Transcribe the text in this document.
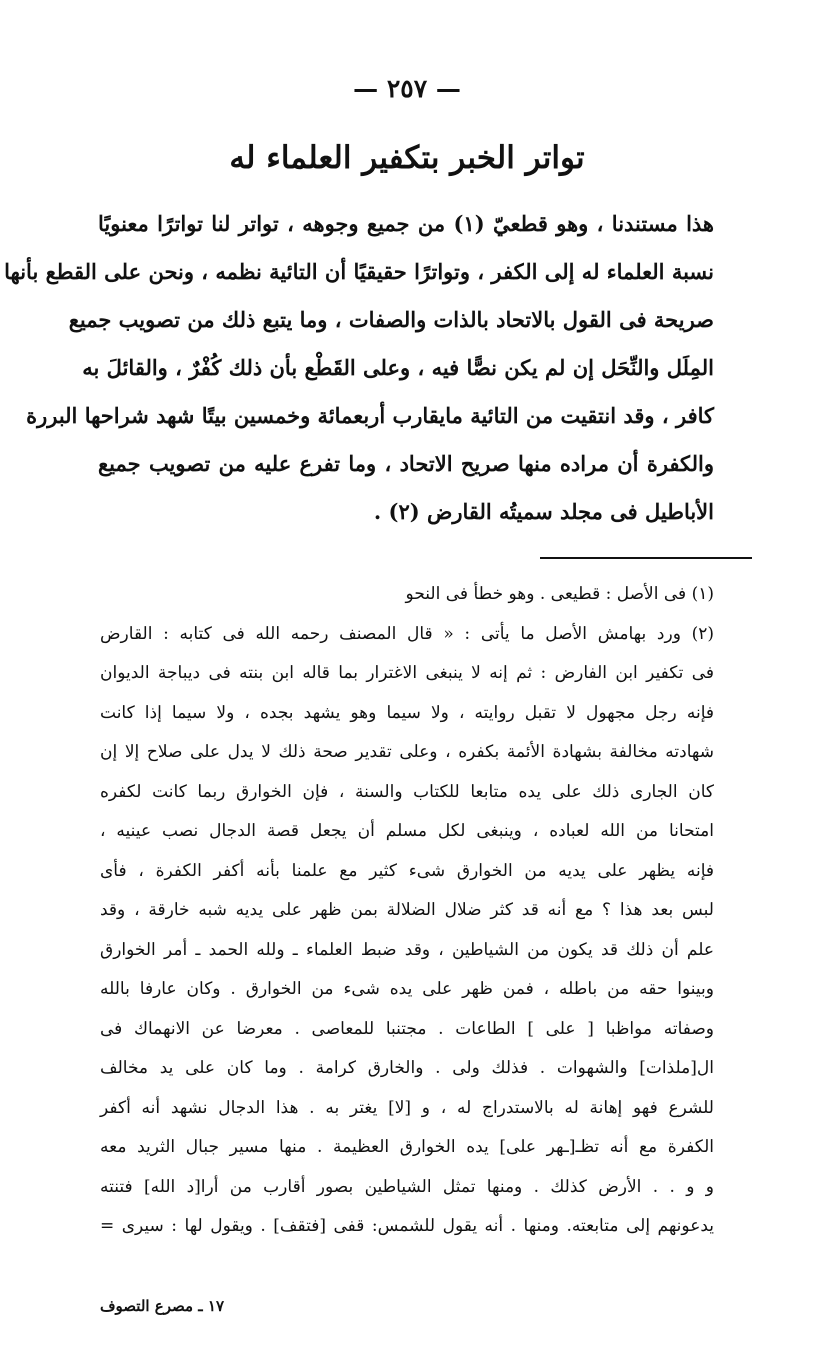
— ٢٥٧ —
تواتر الخبر بتكفير العلماء له
هذا مستندنا ، وهو قطعيّ (١) من جميع وجوهه ، تواتر لنا تواترًا معنويًا
نسبة العلماء له إلى الكفر ، وتواترًا حقيقيًا أن التائية نظمه ، ونحن على القطع بأنها
صريحة فى القول بالاتحاد بالذات والصفات ، وما يتبع ذلك من تصويب جميع
المِلَل والنِّحَل إن لم يكن نصًّا فيه ، وعلى القَطْع بأن ذلك كُفْرٌ ، والقائلَ به
كافر ، وقد انتقيت من التائية مايقارب أربعمائة وخمسين بيتًا شهد شراحها البررة
والكفرة أن مراده منها صريح الاتحاد ، وما تفرع عليه من تصويب جميع
الأباطيل فى مجلد سميتُه القارض (٢) .
(١) فى الأصل : قطيعى . وهو خطأ فى النحو
(٢) ورد بهامش الأصل ما يأتى : « قال المصنف رحمه الله فى كتابه : القارض
فى تكفير ابن الفارض : ثم إنه لا ينبغى الاغترار بما قاله ابن بنته فى ديباجة الديوان
فإنه رجل مجهول لا تقبل روايته ، ولا سيما وهو يشهد بجده ، ولا سيما إذا كانت
شهادته مخالفة بشهادة الأئمة بكفره ، وعلى تقدير صحة ذلك لا يدل على صلاح إلا إن
كان الجارى ذلك على يده متابعا للكتاب والسنة ، فإن الخوارق ربما كانت لكفره
امتحانا من الله لعباده ، وينبغى لكل مسلم أن يجعل قصة الدجال نصب عينيه ،
فإنه يظهر على يديه من الخوارق شىء كثير مع علمنا بأنه أكفر الكفرة ، فأى
لبس بعد هذا ؟ مع أنه قد كثر ضلال الضلالة بمن ظهر على يديه شبه خارقة ، وقد
علم أن ذلك قد يكون من الشياطين ، وقد ضبط العلماء ـ ولله الحمد ـ أمر الخوارق
وبينوا حقه من باطله ، فمن ظهر على يده شىء من الخوارق . وكان عارفا بالله
وصفاته مواظبا [ على ] الطاعات . مجتنبا للمعاصى . معرضا عن الانهماك فى
ال[ملذات] والشهوات . فذلك ولى . والخارق كرامة . وما كان على يد مخالف
للشرع فهو إهانة له بالاستدراج له ، و [لا] يغتر به . هذا الدجال نشهد أنه أكفر
الكفرة مع أنه تظـ[ـهر على] يده الخوارق العظيمة . منها مسير جبال الثريد معه
و و . . الأرض كذلك . ومنها تمثل الشياطين بصور أقارب من أرا[د الله] فتنته
يدعونهم إلى متابعته. ومنها . أنه يقول للشمس: قفى [فتقف] . ويقول لها : سيرى =
١٧ ـ مصرع التصوف
